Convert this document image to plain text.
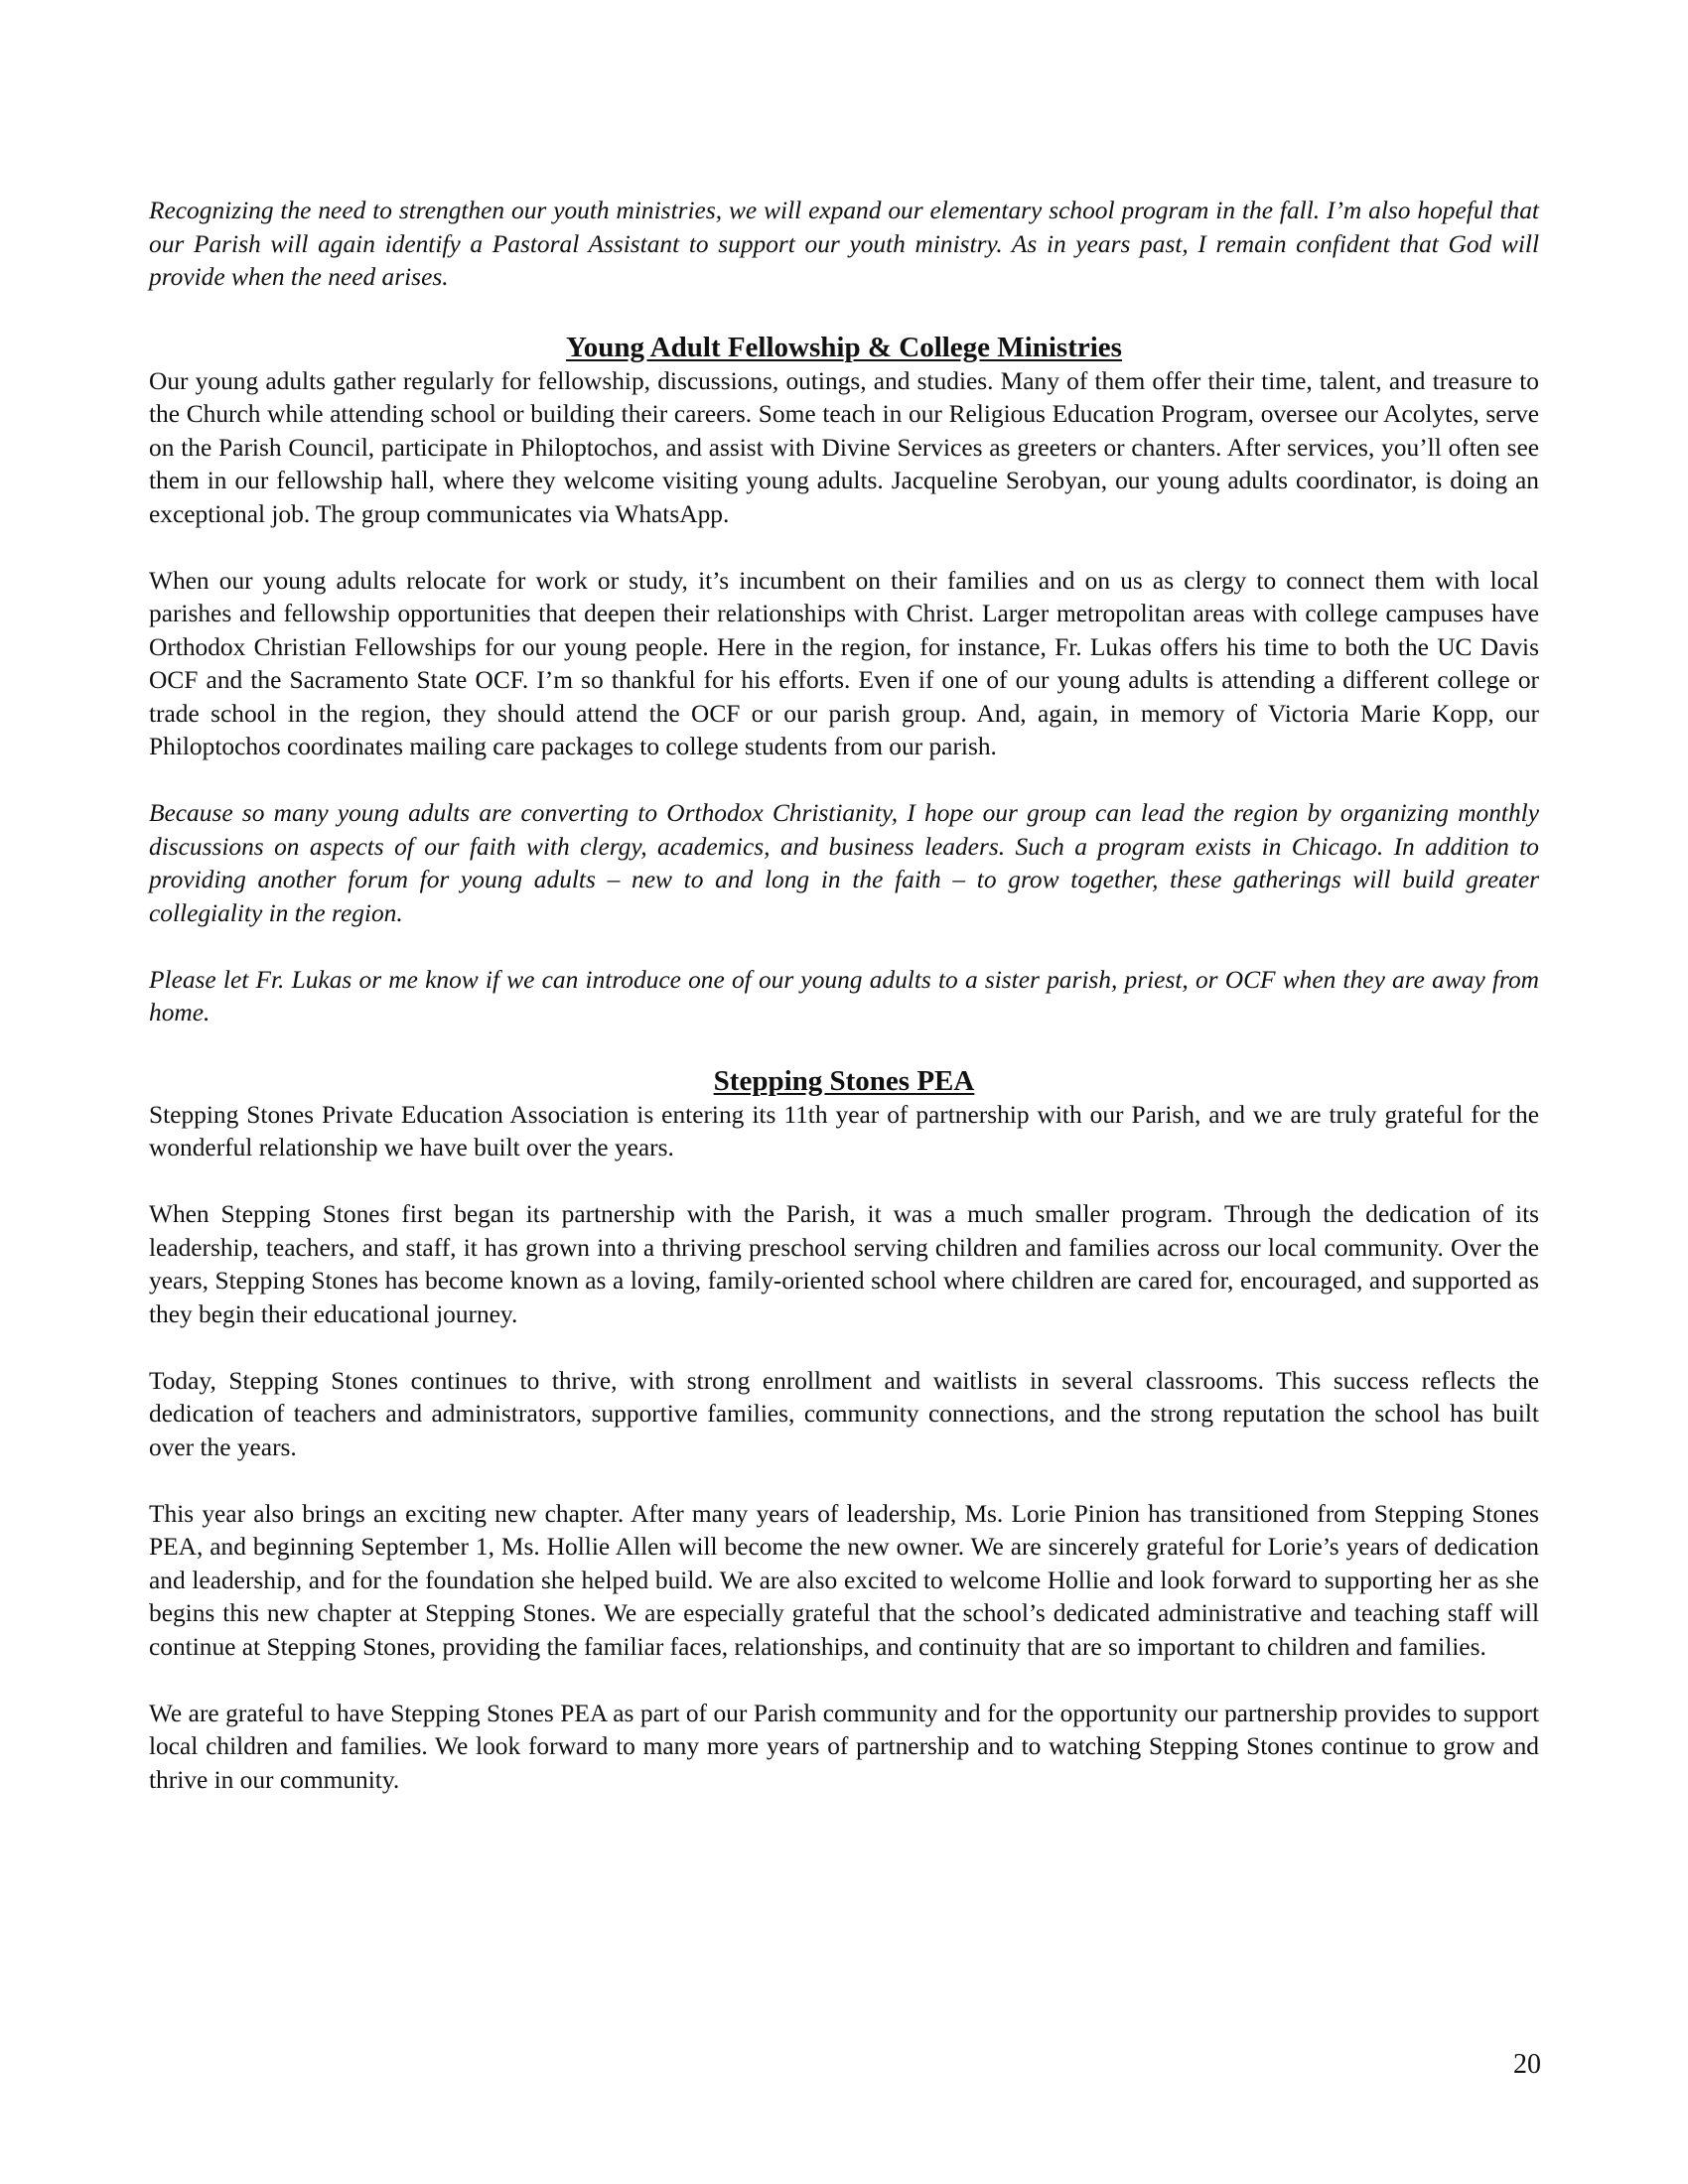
Recognizing the need to strengthen our youth ministries, we will expand our elementary school program in the fall. I’m also hopeful that our Parish will again identify a Pastoral Assistant to support our youth ministry. As in years past, I remain confident that God will provide when the need arises.

Young Adult Fellowship & College Ministries

Our young adults gather regularly for fellowship, discussions, outings, and studies. Many of them offer their time, talent, and treasure to the Church while attending school or building their careers. Some teach in our Religious Education Program, oversee our Acolytes, serve on the Parish Council, participate in Philoptochos, and assist with Divine Services as greeters or chanters. After services, you’ll often see them in our fellowship hall, where they welcome visiting young adults. Jacqueline Serobyan, our young adults coordinator, is doing an exceptional job. The group communicates via WhatsApp.

When our young adults relocate for work or study, it’s incumbent on their families and on us as clergy to connect them with local parishes and fellowship opportunities that deepen their relationships with Christ. Larger metropolitan areas with college campuses have Orthodox Christian Fellowships for our young people. Here in the region, for instance, Fr. Lukas offers his time to both the UC Davis OCF and the Sacramento State OCF. I’m so thankful for his efforts. Even if one of our young adults is attending a different college or trade school in the region, they should attend the OCF or our parish group. And, again, in memory of Victoria Marie Kopp, our Philoptochos coordinates mailing care packages to college students from our parish.

Because so many young adults are converting to Orthodox Christianity, I hope our group can lead the region by organizing monthly discussions on aspects of our faith with clergy, academics, and business leaders. Such a program exists in Chicago. In addition to providing another forum for young adults – new to and long in the faith – to grow together, these gatherings will build greater collegiality in the region.

Please let Fr. Lukas or me know if we can introduce one of our young adults to a sister parish, priest, or OCF when they are away from home.

Stepping Stones PEA

Stepping Stones Private Education Association is entering its 11th year of partnership with our Parish, and we are truly grateful for the wonderful relationship we have built over the years.

When Stepping Stones first began its partnership with the Parish, it was a much smaller program. Through the dedication of its leadership, teachers, and staff, it has grown into a thriving preschool serving children and families across our local community. Over the years, Stepping Stones has become known as a loving, family-oriented school where children are cared for, encouraged, and supported as they begin their educational journey.

Today, Stepping Stones continues to thrive, with strong enrollment and waitlists in several classrooms. This success reflects the dedication of teachers and administrators, supportive families, community connections, and the strong reputation the school has built over the years.

This year also brings an exciting new chapter. After many years of leadership, Ms. Lorie Pinion has transitioned from Stepping Stones PEA, and beginning September 1, Ms. Hollie Allen will become the new owner. We are sincerely grateful for Lorie’s years of dedication and leadership, and for the foundation she helped build. We are also excited to welcome Hollie and look forward to supporting her as she begins this new chapter at Stepping Stones. We are especially grateful that the school’s dedicated administrative and teaching staff will continue at Stepping Stones, providing the familiar faces, relationships, and continuity that are so important to children and families.

We are grateful to have Stepping Stones PEA as part of our Parish community and for the opportunity our partnership provides to support local children and families. We look forward to many more years of partnership and to watching Stepping Stones continue to grow and thrive in our community.

20
